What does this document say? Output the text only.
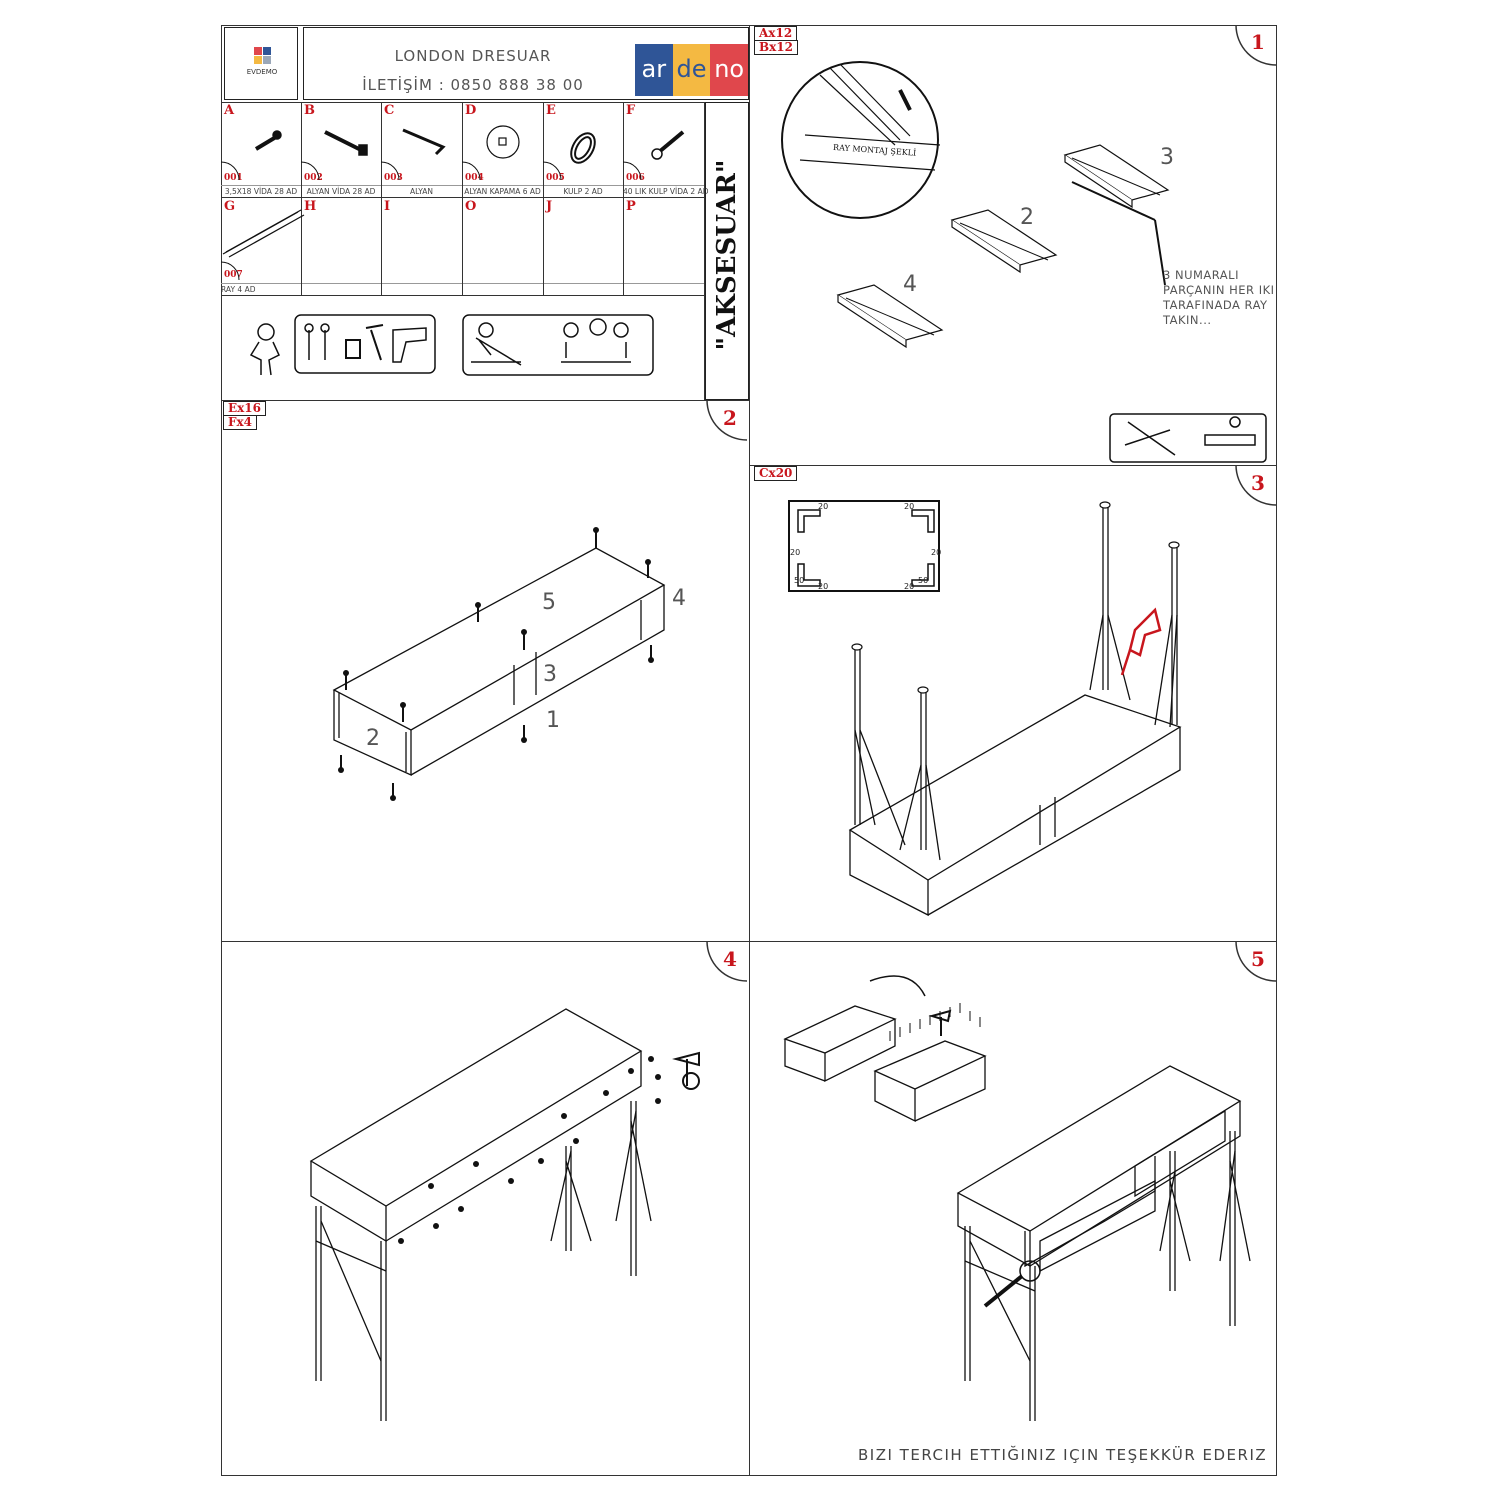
EVDEMO
LONDON DRESUAR
İLETİŞİM : 0850 888 38 00
ar de no
A	B	C	D	E	F
001	002	003	004	005	006
3,5X18 VİDA 28 AD	ALYAN VİDA 28 AD	ALYAN	ALYAN KAPAMA 6 AD	KULP 2 AD	40 LIK KULP VİDA 2 AD
G	H	I	O	J	P
007
RAY 4 AD	"AKSESUAR"
Ax12
Bx12	1
RAY MONTAJ ŞEKLİ	3
2
4	3 NUMARALI
PARÇANIN HER IKI
TARAFINADA RAY
TAKIN...
Ex16
Fx4	2
5	4
3
1
2
Cx20	3
20	20
20	20
20	20
50	50
4	5
BIZI TERCIH ETTIĞINIZ IÇIN TEŞEKKÜR EDERIZ
